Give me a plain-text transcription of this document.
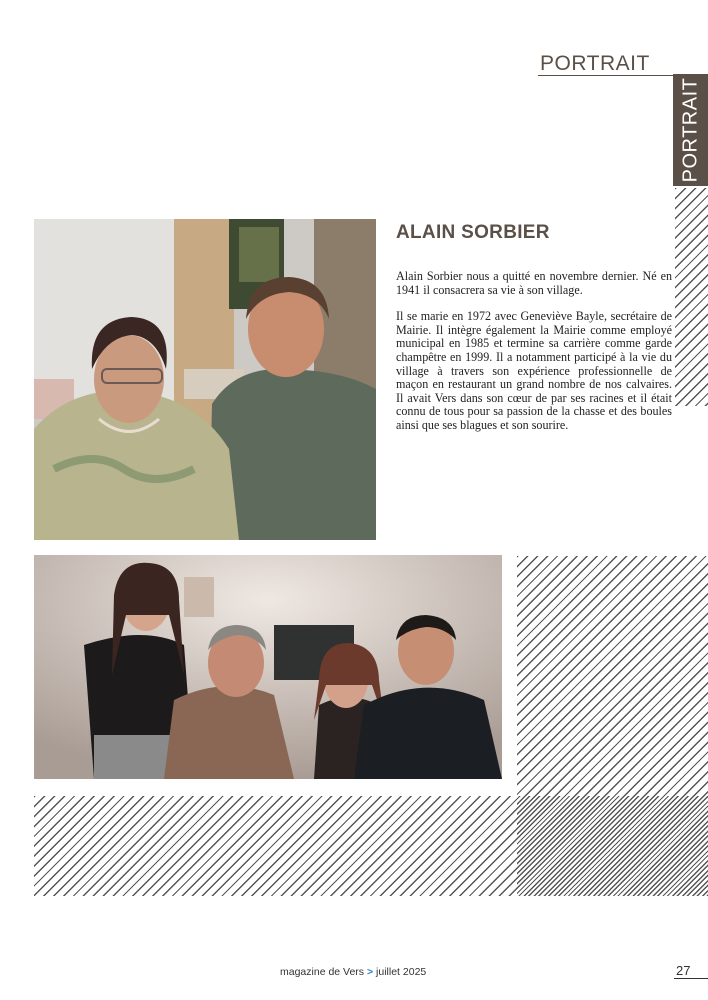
PORTRAIT
PORTRAIT
ALAIN SORBIER

Alain Sorbier nous a quitté en novembre dernier. Né en 1941 il consacrera sa vie à son village.

Il se marie en 1972 avec Geneviève Bayle, secrétaire de Mairie. Il intègre également la Mairie comme employé municipal en 1985 et termine sa carrière comme garde champêtre en 1999. Il a notamment participé à la vie du village à travers son expérience professionnelle de maçon en restaurant un grand nombre de nos calvaires. Il avait Vers dans son cœur de par ses racines et il était connu de tous pour sa passion de la chasse et des boules ainsi que ses blagues et son sourire.

magazine de Vers > juillet 2025	27
